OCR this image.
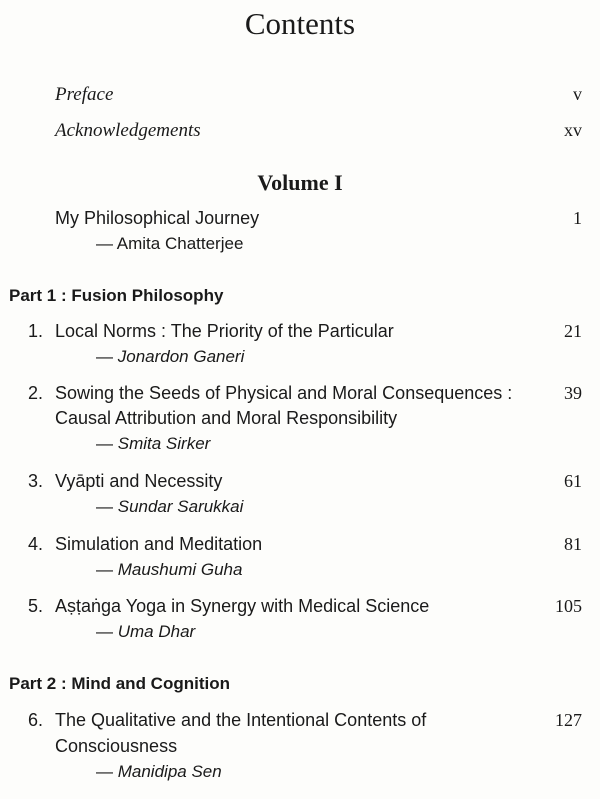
Contents
Preface	v
Acknowledgements	xv
Volume I
My Philosophical Journey
— Amita Chatterjee
1
Part 1 : Fusion Philosophy
1. Local Norms : The Priority of the Particular
— Jonardon Ganeri
21
2. Sowing the Seeds of Physical and Moral Consequences :
Causal Attribution and Moral Responsibility
— Smita Sirker
39
3. Vyāpti and Necessity
— Sundar Sarukkai
61
4. Simulation and Meditation
— Maushumi Guha
81
5. Aṣṭaṅga Yoga in Synergy with Medical Science
— Uma Dhar
105
Part 2 : Mind and Cognition
6. The Qualitative and the Intentional Contents of
Consciousness
— Manidipa Sen
127
